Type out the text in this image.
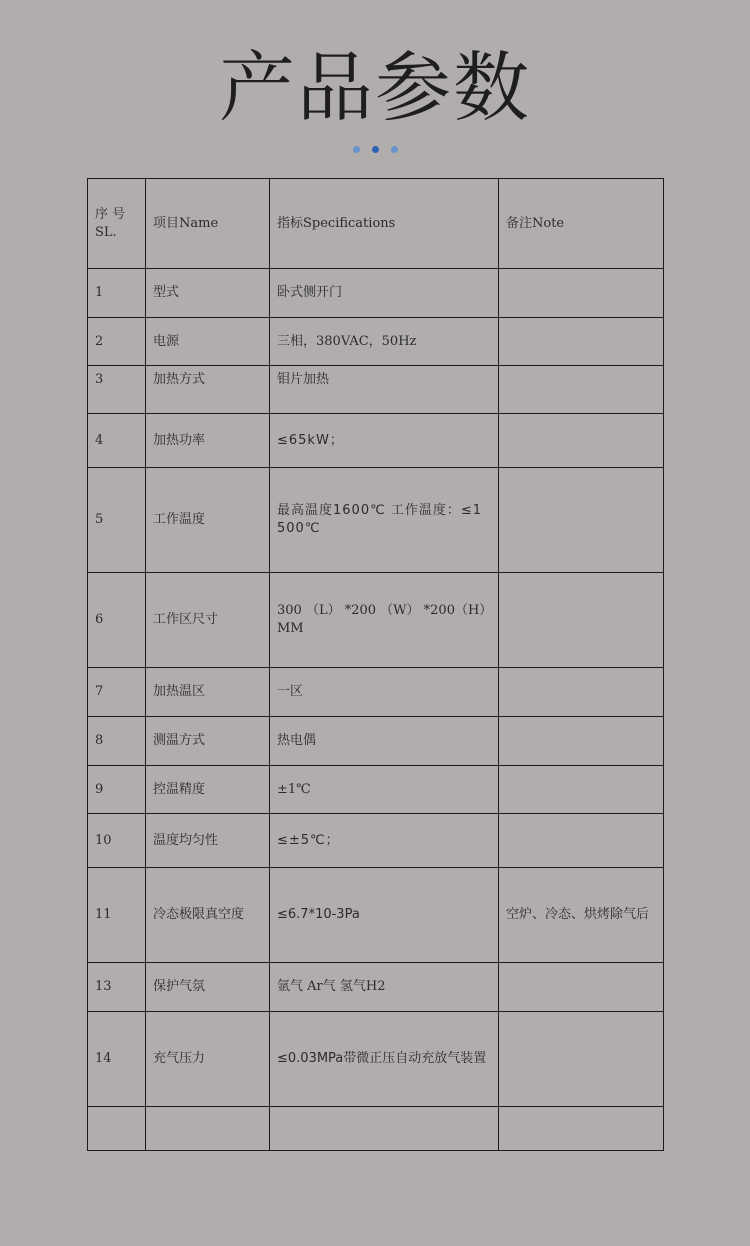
产品参数
序 号 SL.	项目Name	指标Specifications	备注Note
1	型式	卧式侧开门	
2	电源	三相，380VAC，50Hz	
3	加热方式	钼片加热	
4	加热功率	≤65kW；	
5	工作温度	最高温度1600℃ 工作温度：≤1500℃	
6	工作区尺寸	300 （L） *200 （W） *200（H）MM	
7	加热温区	一区	
8	测温方式	热电偶	
9	控温精度	±1℃	
10	温度均匀性	≤±5℃；	
11	冷态极限真空度	≤6.7*10-3Pa	空炉、冷态、烘烤除气后
13	保护气氛	氩气 Ar气 氢气H2	
14	充气压力	≤0.03MPa带微正压自动充放气装置	
